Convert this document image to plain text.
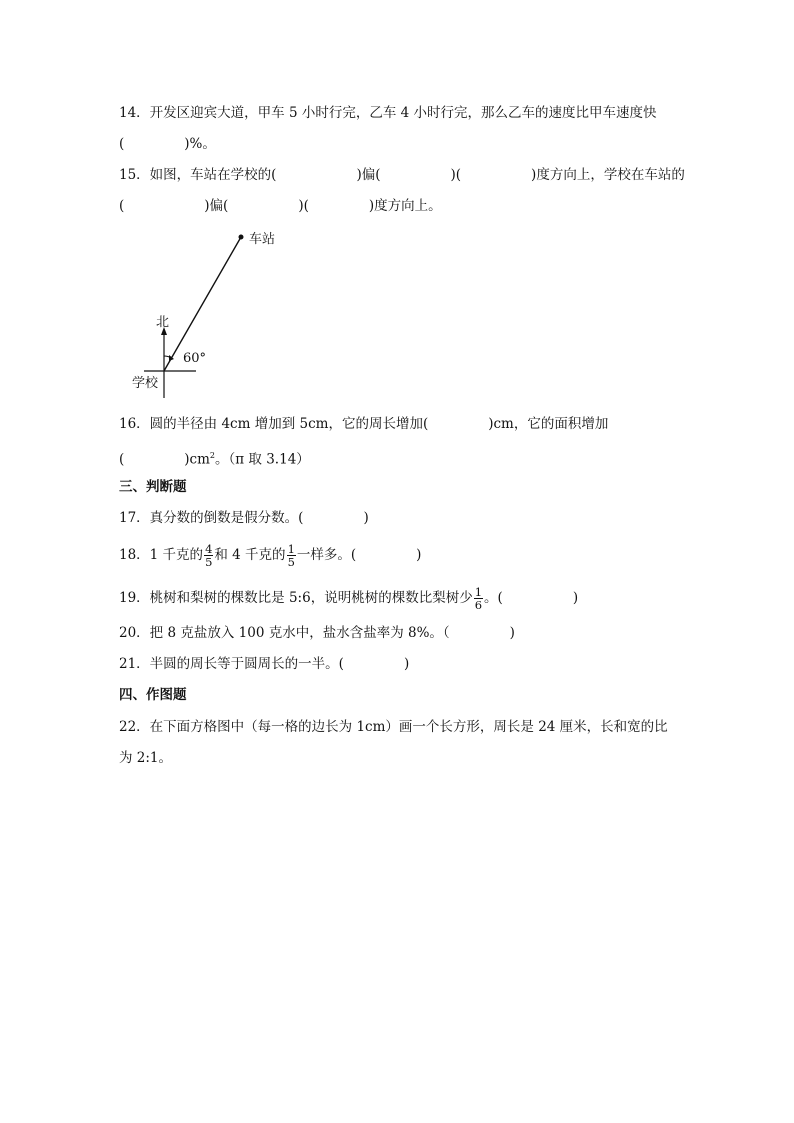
14．开发区迎宾大道，甲车 5 小时行完，乙车 4 小时行完，那么乙车的速度比甲车速度快
(	)%。
15．如图，车站在学校的(	)偏(	)(	)度方向上，学校在车站的
(	)偏(	)(	)度方向上。
车站
北
学校
60°
16．圆的半径由 4cm 增加到 5cm，它的周长增加(	)cm，它的面积增加
(	)$cm^2$。（π 取 3.14）
三、判断题
17．真分数的倒数是假分数。(	)
18．1 千克的 $\frac{4}{5}$ 和 4 千克的 $\frac{1}{5}$ 一样多。(	)
19．桃树和梨树的棵数比是 5:6，说明桃树的棵数比梨树少 $\frac{1}{6}$ 。(	)
20．把 8 克盐放入 100 克水中，盐水含盐率为 8%。（	)
21．半圆的周长等于圆周长的一半。(	)
四、作图题
22．在下面方格图中（每一格的边长为 1cm）画一个长方形，周长是 24 厘米，长和宽的比
为 2:1。
